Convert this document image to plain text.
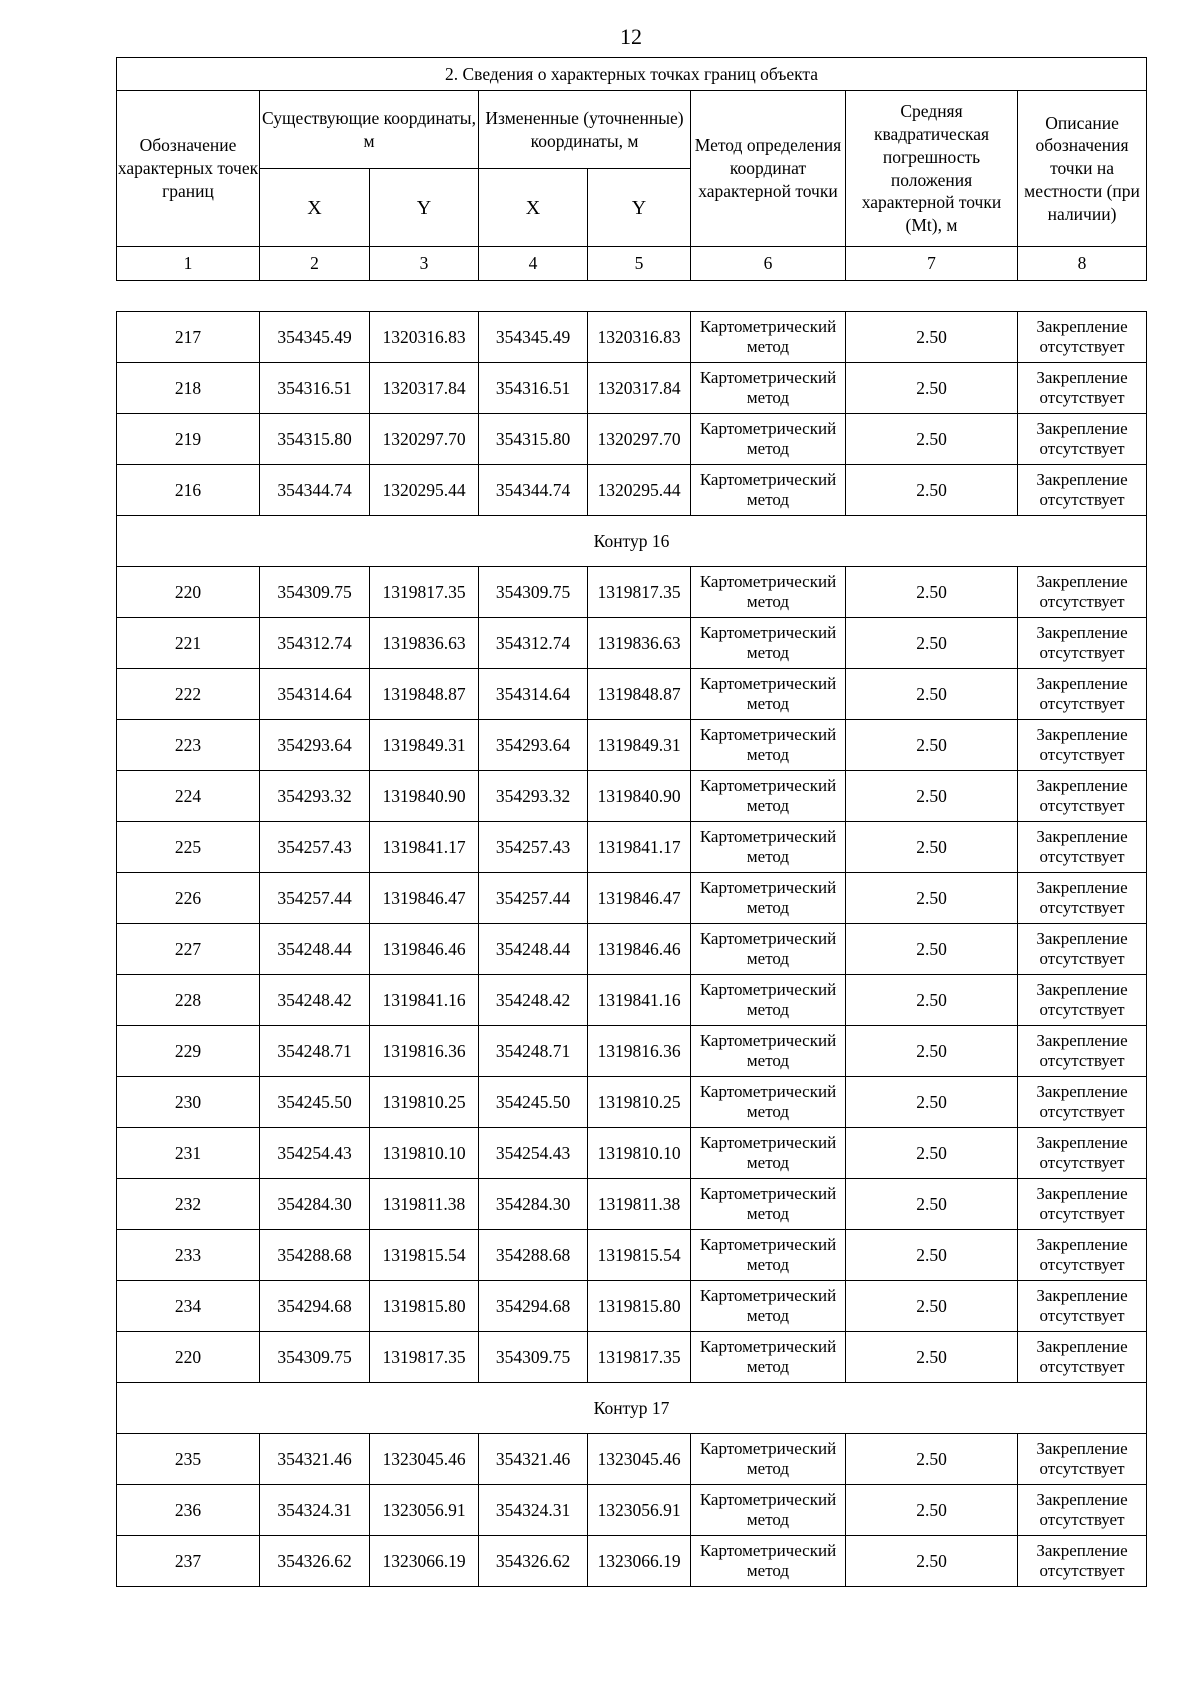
12
2. Сведения о характерных точках границ объекта							
Обозначение характерных точек границ	Существующие координаты, м		Измененные (уточненные) координаты, м		Метод определения координат характерной точки	Средняя квадратическая погрешность положения характерной точки (Mt), м	Описание обозначения точки на местности (при наличии)
	X	Y	X	Y			
1	2	3	4	5	6	7	8
217	354345.49	1320316.83	354345.49	1320316.83	Картометрический метод	2.50	Закрепление отсутствует
218	354316.51	1320317.84	354316.51	1320317.84	Картометрический метод	2.50	Закрепление отсутствует
219	354315.80	1320297.70	354315.80	1320297.70	Картометрический метод	2.50	Закрепление отсутствует
216	354344.74	1320295.44	354344.74	1320295.44	Картометрический метод	2.50	Закрепление отсутствует
Контур 16							
220	354309.75	1319817.35	354309.75	1319817.35	Картометрический метод	2.50	Закрепление отсутствует
221	354312.74	1319836.63	354312.74	1319836.63	Картометрический метод	2.50	Закрепление отсутствует
222	354314.64	1319848.87	354314.64	1319848.87	Картометрический метод	2.50	Закрепление отсутствует
223	354293.64	1319849.31	354293.64	1319849.31	Картометрический метод	2.50	Закрепление отсутствует
224	354293.32	1319840.90	354293.32	1319840.90	Картометрический метод	2.50	Закрепление отсутствует
225	354257.43	1319841.17	354257.43	1319841.17	Картометрический метод	2.50	Закрепление отсутствует
226	354257.44	1319846.47	354257.44	1319846.47	Картометрический метод	2.50	Закрепление отсутствует
227	354248.44	1319846.46	354248.44	1319846.46	Картометрический метод	2.50	Закрепление отсутствует
228	354248.42	1319841.16	354248.42	1319841.16	Картометрический метод	2.50	Закрепление отсутствует
229	354248.71	1319816.36	354248.71	1319816.36	Картометрический метод	2.50	Закрепление отсутствует
230	354245.50	1319810.25	354245.50	1319810.25	Картометрический метод	2.50	Закрепление отсутствует
231	354254.43	1319810.10	354254.43	1319810.10	Картометрический метод	2.50	Закрепление отсутствует
232	354284.30	1319811.38	354284.30	1319811.38	Картометрический метод	2.50	Закрепление отсутствует
233	354288.68	1319815.54	354288.68	1319815.54	Картометрический метод	2.50	Закрепление отсутствует
234	354294.68	1319815.80	354294.68	1319815.80	Картометрический метод	2.50	Закрепление отсутствует
220	354309.75	1319817.35	354309.75	1319817.35	Картометрический метод	2.50	Закрепление отсутствует
Контур 17							
235	354321.46	1323045.46	354321.46	1323045.46	Картометрический метод	2.50	Закрепление отсутствует
236	354324.31	1323056.91	354324.31	1323056.91	Картометрический метод	2.50	Закрепление отсутствует
237	354326.62	1323066.19	354326.62	1323066.19	Картометрический метод	2.50	Закрепление отсутствует
